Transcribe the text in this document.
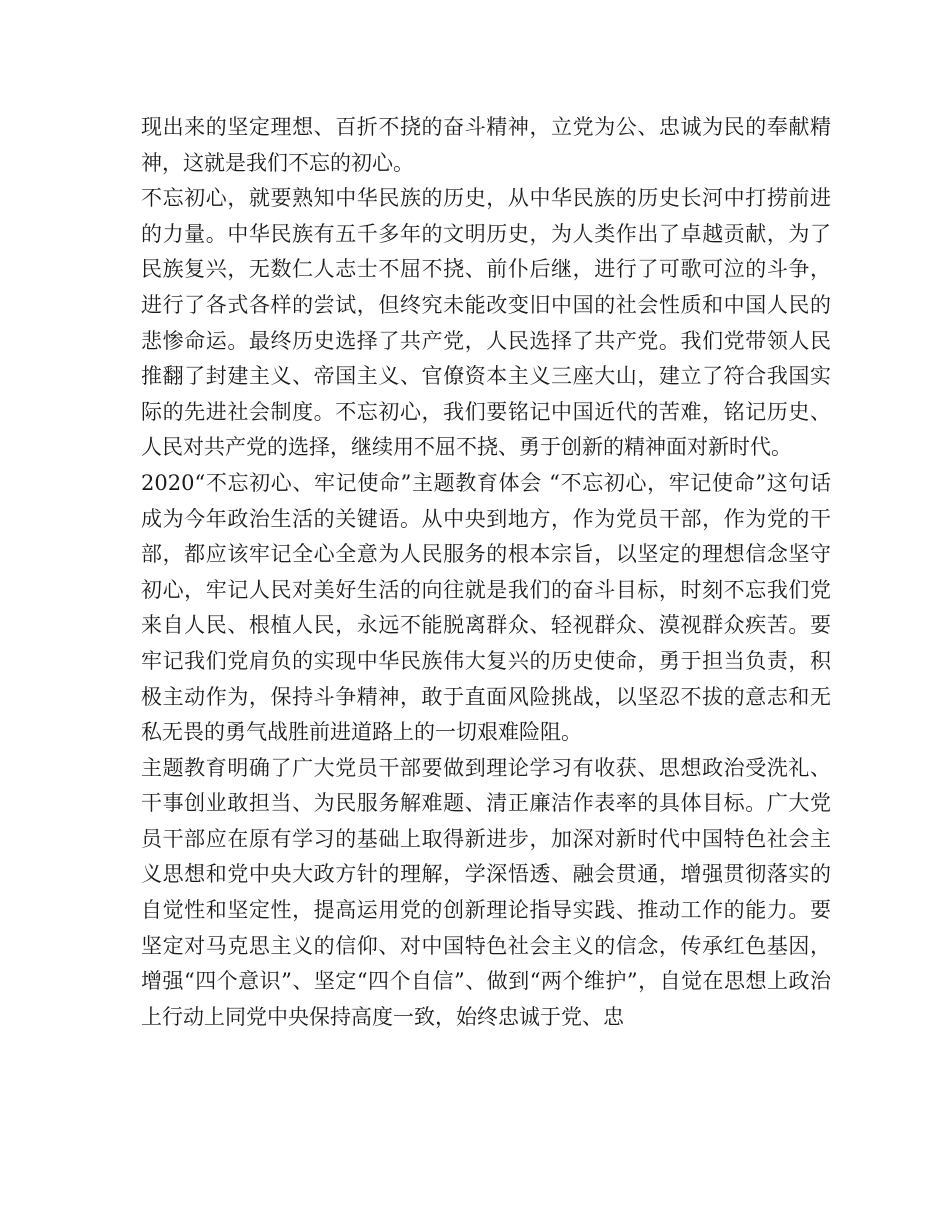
现出来的坚定理想、百折不挠的奋斗精神，立党为公、忠诚为民的奉献精神，这就是我们不忘的初心。

不忘初心，就要熟知中华民族的历史，从中华民族的历史长河中打捞前进的力量。中华民族有五千多年的文明历史，为人类作出了卓越贡献，为了民族复兴，无数仁人志士不屈不挠、前仆后继，进行了可歌可泣的斗争，进行了各式各样的尝试，但终究未能改变旧中国的社会性质和中国人民的悲惨命运。最终历史选择了共产党，人民选择了共产党。我们党带领人民推翻了封建主义、帝国主义、官僚资本主义三座大山，建立了符合我国实际的先进社会制度。不忘初心，我们要铭记中国近代的苦难，铭记历史、人民对共产党的选择，继续用不屈不挠、勇于创新的精神面对新时代。

2020“不忘初心、牢记使命”主题教育体会 “不忘初心，牢记使命”这句话成为今年政治生活的关键语。从中央到地方，作为党员干部，作为党的干部，都应该牢记全心全意为人民服务的根本宗旨，以坚定的理想信念坚守初心，牢记人民对美好生活的向往就是我们的奋斗目标，时刻不忘我们党来自人民、根植人民，永远不能脱离群众、轻视群众、漠视群众疾苦。要牢记我们党肩负的实现中华民族伟大复兴的历史使命，勇于担当负责，积极主动作为，保持斗争精神，敢于直面风险挑战，以坚忍不拔的意志和无私无畏的勇气战胜前进道路上的一切艰难险阻。

主题教育明确了广大党员干部要做到理论学习有收获、思想政治受洗礼、干事创业敢担当、为民服务解难题、清正廉洁作表率的具体目标。广大党员干部应在原有学习的基础上取得新进步，加深对新时代中国特色社会主义思想和党中央大政方针的理解，学深悟透、融会贯通，增强贯彻落实的自觉性和坚定性，提高运用党的创新理论指导实践、推动工作的能力。要坚定对马克思主义的信仰、对中国特色社会主义的信念，传承红色基因，增强“四个意识”、坚定“四个自信”、做到“两个维护”，自觉在思想上政治上行动上同党中央保持高度一致，始终忠诚于党、忠
